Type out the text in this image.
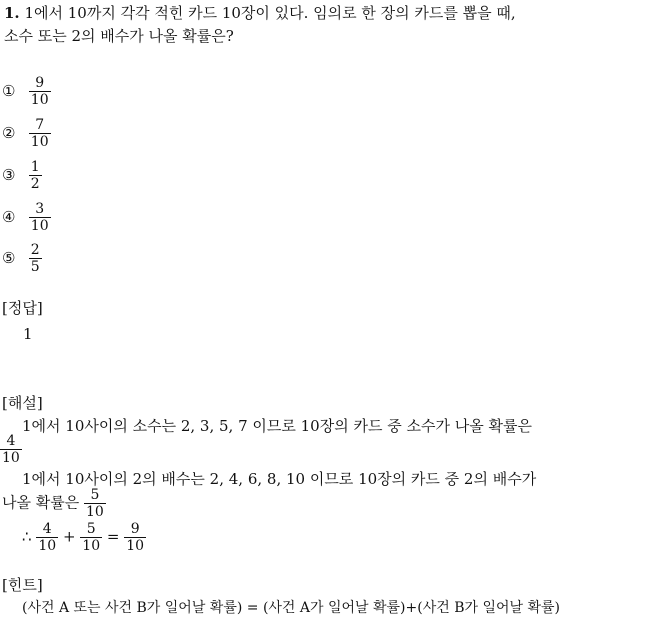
1. 1에서 10까지 각각 적힌 카드 10장이 있다. 임의로 한 장의 카드를 뽑을 때,
소수 또는 2의 배수가 나올 확률은?
① $\frac{9}{10}$
② $\frac{7}{10}$
③ $\frac{1}{2}$
④ $\frac{3}{10}$
⑤ $\frac{2}{5}$
[정답]
1
[해설]
1에서 10사이의 소수는 2, 3, 5, 7 이므로 10장의 카드 중 소수가 나올 확률은
$\frac{4}{10}$
1에서 10사이의 2의 배수는 2, 4, 6, 8, 10 이므로 10장의 카드 중 2의 배수가
나올 확률은 $\frac{5}{10}$
∴ $\frac{4}{10} + \frac{5}{10} = \frac{9}{10}$
[힌트]
(사건 A 또는 사건 B가 일어날 확률) = (사건 A가 일어날 확률)+(사건 B가 일어날 확률)
